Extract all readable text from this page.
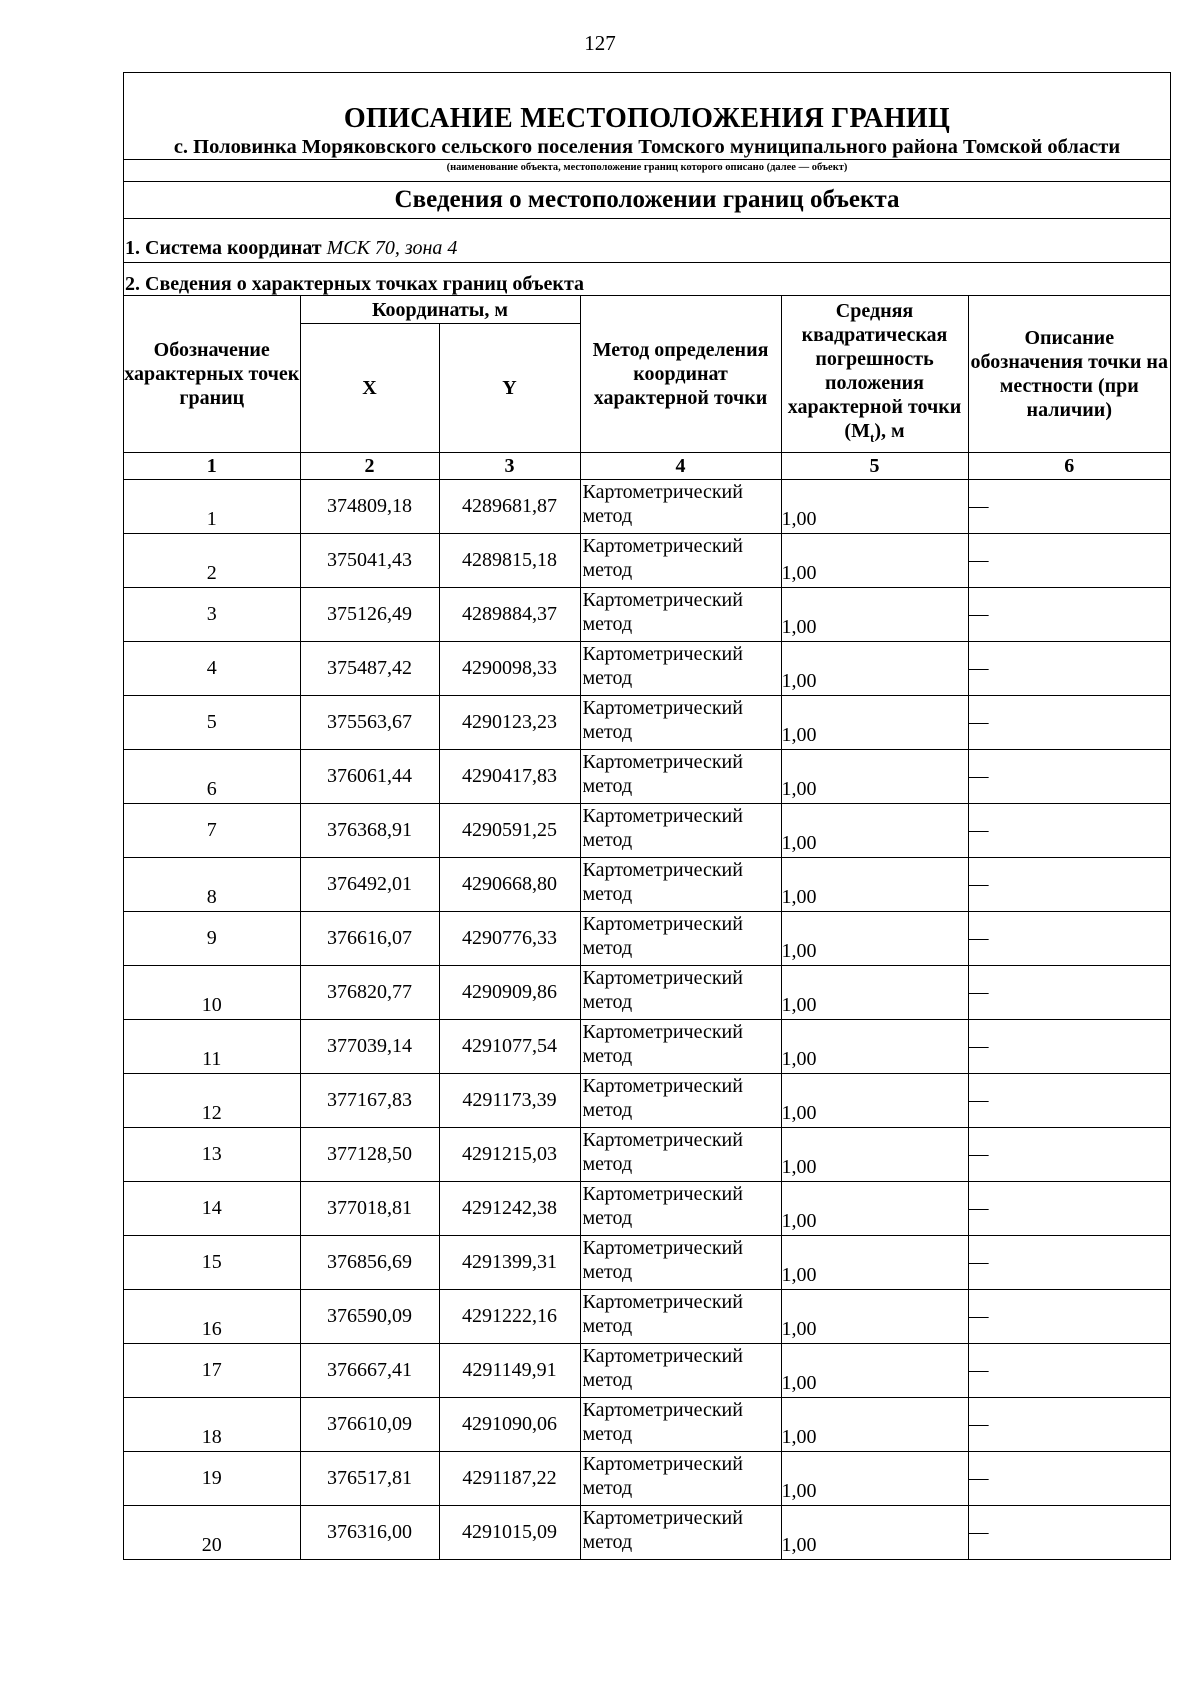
127
ОПИСАНИЕ МЕСТОПОЛОЖЕНИЯ ГРАНИЦ
с. Половинка Моряковского сельского поселения Томского муниципального района Томской области
(наименование объекта, местоположение границ которого описано (далее — объект)
Сведения о местоположении границ объекта
1. Система координат МСК 70, зона 4
2. Сведения о характерных точках границ объекта
Обозначение характерных точек границ	Координаты, м		Метод определения координат характерной точки	Средняя квадратическая погрешность положения характерной точки $(M_t)$, м	Описание обозначения точки на местности (при наличии)
	X	Y			
1	2	3	4	5	6
1	374809,18	4289681,87	Картометрический метод	1,00	—
2	375041,43	4289815,18	Картометрический метод	1,00	—
3	375126,49	4289884,37	Картометрический метод	1,00	—
4	375487,42	4290098,33	Картометрический метод	1,00	—
5	375563,67	4290123,23	Картометрический метод	1,00	—
6	376061,44	4290417,83	Картометрический метод	1,00	—
7	376368,91	4290591,25	Картометрический метод	1,00	—
8	376492,01	4290668,80	Картометрический метод	1,00	—
9	376616,07	4290776,33	Картометрический метод	1,00	—
10	376820,77	4290909,86	Картометрический метод	1,00	—
11	377039,14	4291077,54	Картометрический метод	1,00	—
12	377167,83	4291173,39	Картометрический метод	1,00	—
13	377128,50	4291215,03	Картометрический метод	1,00	—
14	377018,81	4291242,38	Картометрический метод	1,00	—
15	376856,69	4291399,31	Картометрический метод	1,00	—
16	376590,09	4291222,16	Картометрический метод	1,00	—
17	376667,41	4291149,91	Картометрический метод	1,00	—
18	376610,09	4291090,06	Картометрический метод	1,00	—
19	376517,81	4291187,22	Картометрический метод	1,00	—
20	376316,00	4291015,09	Картометрический метод	1,00	—
